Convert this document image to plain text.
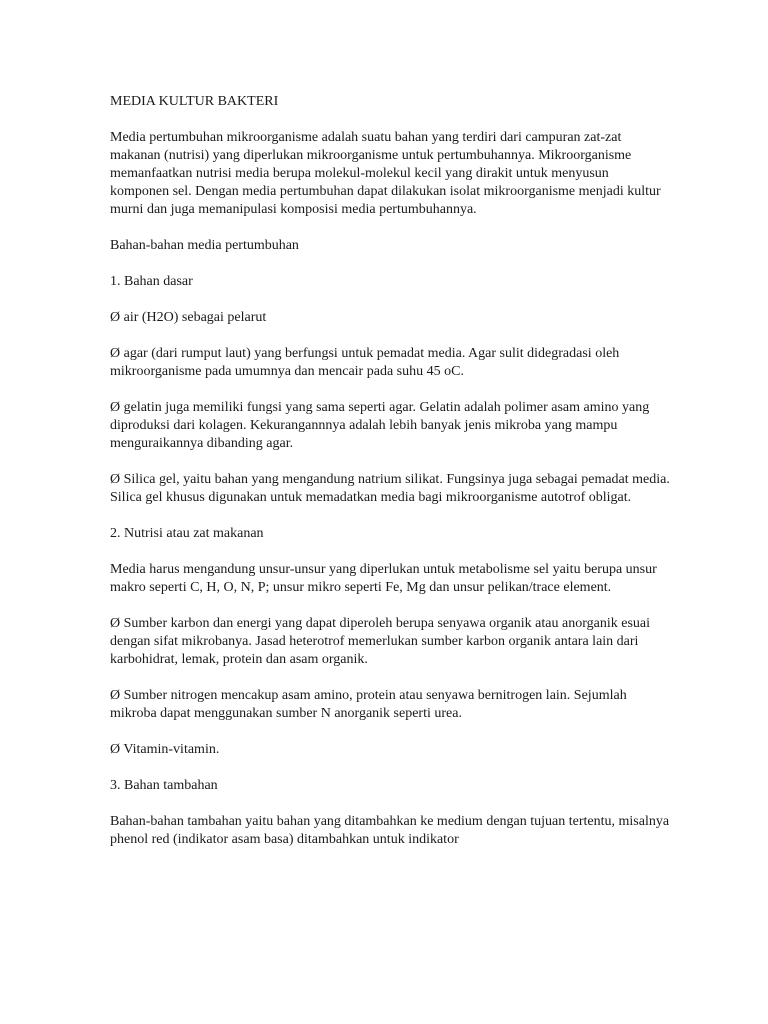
MEDIA KULTUR BAKTERI

Media pertumbuhan mikroorganisme adalah suatu bahan yang terdiri dari campuran zat-zat makanan (nutrisi) yang diperlukan mikroorganisme untuk pertumbuhannya. Mikroorganisme memanfaatkan nutrisi media berupa molekul-molekul kecil yang dirakit untuk menyusun komponen sel. Dengan media pertumbuhan dapat dilakukan isolat mikroorganisme menjadi kultur murni dan juga memanipulasi komposisi media pertumbuhannya.

Bahan-bahan media pertumbuhan

1. Bahan dasar

Ø air (H2O) sebagai pelarut

Ø agar (dari rumput laut) yang berfungsi untuk pemadat media. Agar sulit didegradasi oleh mikroorganisme pada umumnya dan mencair pada suhu 45 oC.

Ø gelatin juga memiliki fungsi yang sama seperti agar. Gelatin adalah polimer asam amino yang diproduksi dari kolagen. Kekurangannnya adalah lebih banyak jenis mikroba yang mampu menguraikannya dibanding agar.

Ø Silica gel, yaitu bahan yang mengandung natrium silikat. Fungsinya juga sebagai pemadat media. Silica gel khusus digunakan untuk memadatkan media bagi mikroorganisme autotrof obligat.

2. Nutrisi atau zat makanan

Media harus mengandung unsur-unsur yang diperlukan untuk metabolisme sel yaitu berupa unsur makro seperti C, H, O, N, P; unsur mikro seperti Fe, Mg dan unsur pelikan/trace element.

Ø Sumber karbon dan energi yang dapat diperoleh berupa senyawa organik atau anorganik esuai dengan sifat mikrobanya. Jasad heterotrof memerlukan sumber karbon organik antara lain dari karbohidrat, lemak, protein dan asam organik.

Ø Sumber nitrogen mencakup asam amino, protein atau senyawa bernitrogen lain. Sejumlah mikroba dapat menggunakan sumber N anorganik seperti urea.

Ø Vitamin-vitamin.

3. Bahan tambahan

Bahan-bahan tambahan yaitu bahan yang ditambahkan ke medium dengan tujuan tertentu, misalnya phenol red (indikator asam basa) ditambahkan untuk indikator
